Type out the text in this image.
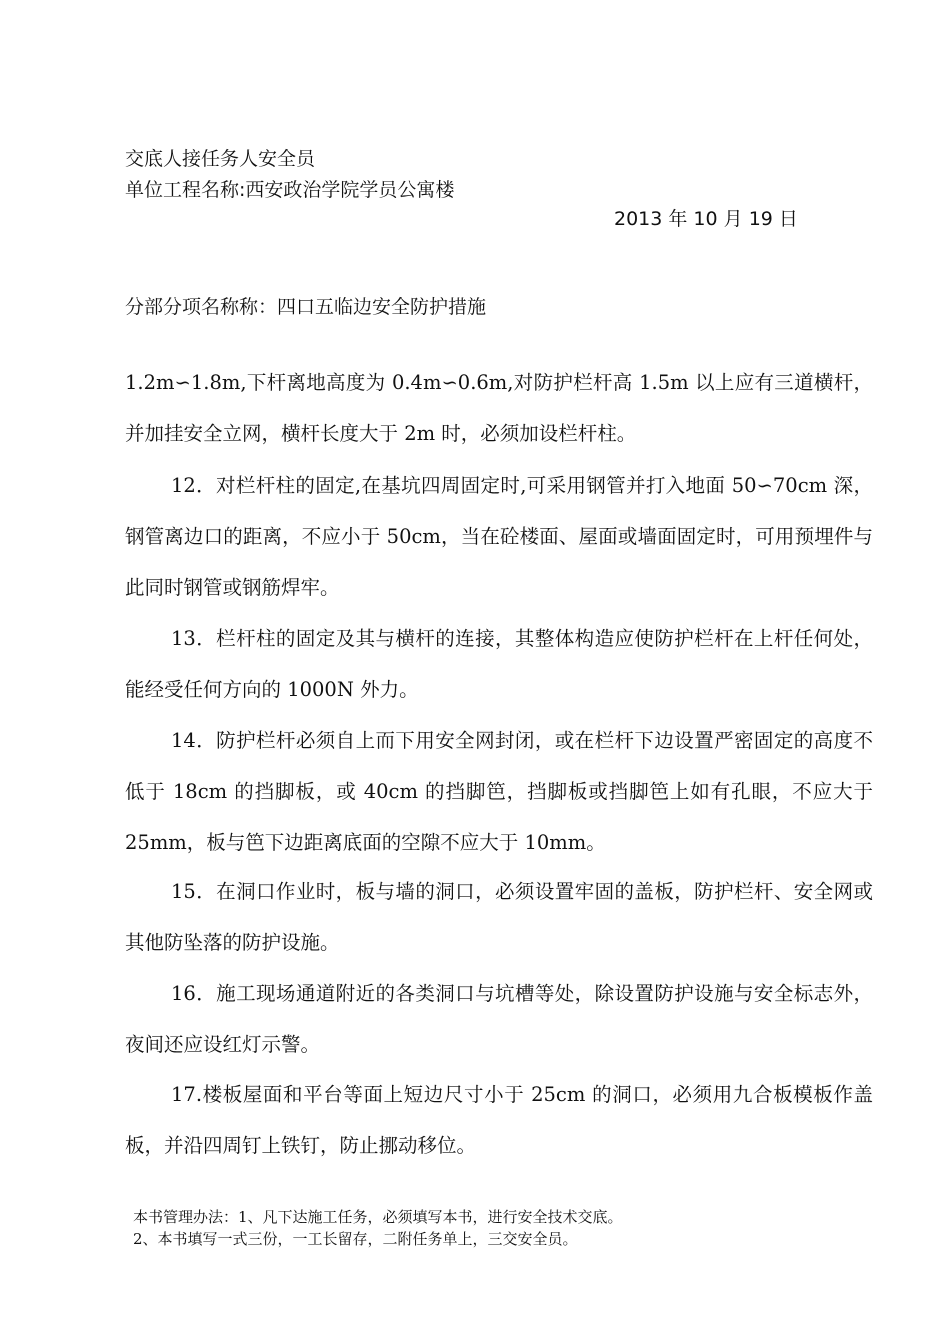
交底人接任务人安全员
单位工程名称:西安政治学院学员公寓楼
2013 年 10 月 19 日
分部分项名称称：四口五临边安全防护措施

1.2m∽1.8m,下杆离地高度为 0.4m∽0.6m,对防护栏杆高 1.5m 以上应有三道横杆，并加挂安全立网，横杆长度大于 2m 时，必须加设栏杆柱。

12．对栏杆柱的固定,在基坑四周固定时,可采用钢管并打入地面 50∽70cm 深，钢管离边口的距离，不应小于 50cm，当在砼楼面、屋面或墙面固定时，可用预埋件与此同时钢管或钢筋焊牢。

13．栏杆柱的固定及其与横杆的连接，其整体构造应使防护栏杆在上杆任何处，能经受任何方向的 1000N 外力。

14．防护栏杆必须自上而下用安全网封闭，或在栏杆下边设置严密固定的高度不低于 18cm 的挡脚板，或 40cm 的挡脚笆，挡脚板或挡脚笆上如有孔眼，不应大于 25mm，板与笆下边距离底面的空隙不应大于 10mm。

15．在洞口作业时，板与墙的洞口，必须设置牢固的盖板，防护栏杆、安全网或其他防坠落的防护设施。

16．施工现场通道附近的各类洞口与坑槽等处，除设置防护设施与安全标志外，夜间还应设红灯示警。

17.楼板屋面和平台等面上短边尺寸小于 25cm 的洞口，必须用九合板模板作盖板，并沿四周钉上铁钉，防止挪动移位。

本书管理办法：1、凡下达施工任务，必须填写本书，进行安全技术交底。
2、本书填写一式三份，一工长留存，二附任务单上，三交安全员。
